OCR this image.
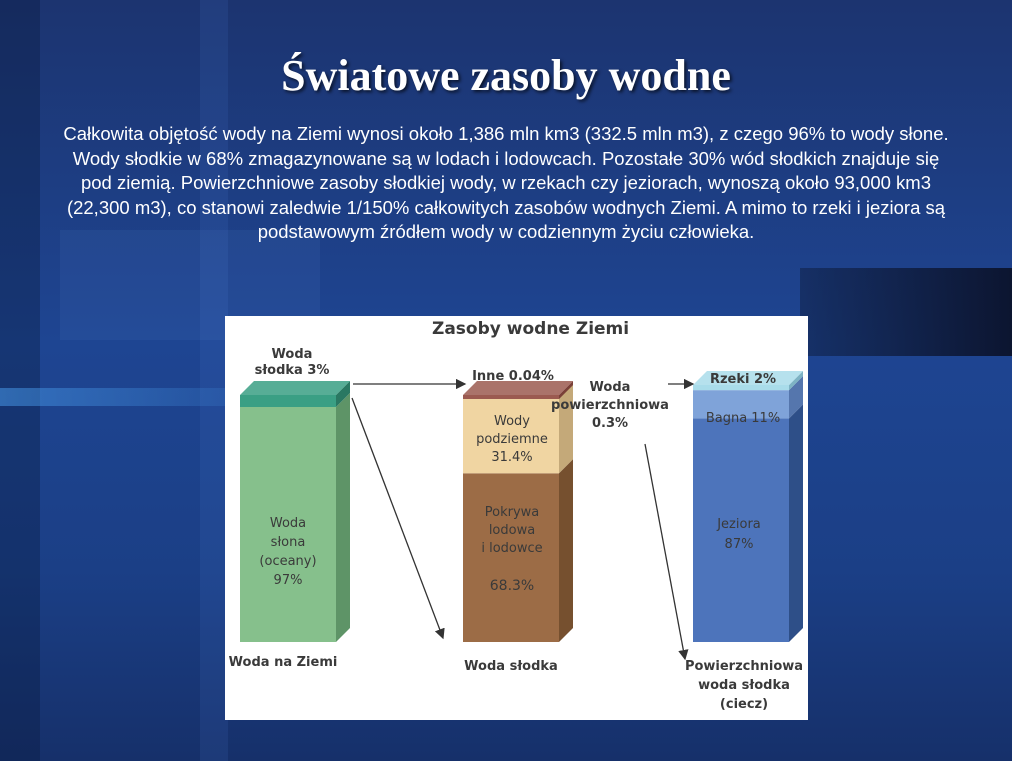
Światowe zasoby wodne

Całkowita objętość wody na Ziemi wynosi około 1,386 mln km3 (332.5 mln m3), z czego 96% to wody słone. Wody słodkie w 68% zmagazynowane są w lodach i lodowcach. Pozostałe 30% wód słodkich znajduje się pod ziemią. Powierzchniowe zasoby słodkiej wody, w rzekach czy jeziorach, wynoszą około 93,000 km3 (22,300 m3), co stanowi zaledwie 1/150% całkowitych zasobów wodnych Ziemi. A mimo to rzeki i jeziora są podstawowym źródłem wody w codziennym życiu człowieka.

Zasoby wodne Ziemi
Woda
słodka 3%
Woda
słona
(oceany)
97%
Inne 0.04%
Wody
podziemne
31.4%
Pokrywa
lodowa
i lodowce
68.3%
Woda
powierzchniowa
0.3%
Rzeki 2%
Bagna 11%
Jeziora
87%
Woda na Ziemi	Woda słodka	Powierzchniowa
woda słodka
(ciecz)
